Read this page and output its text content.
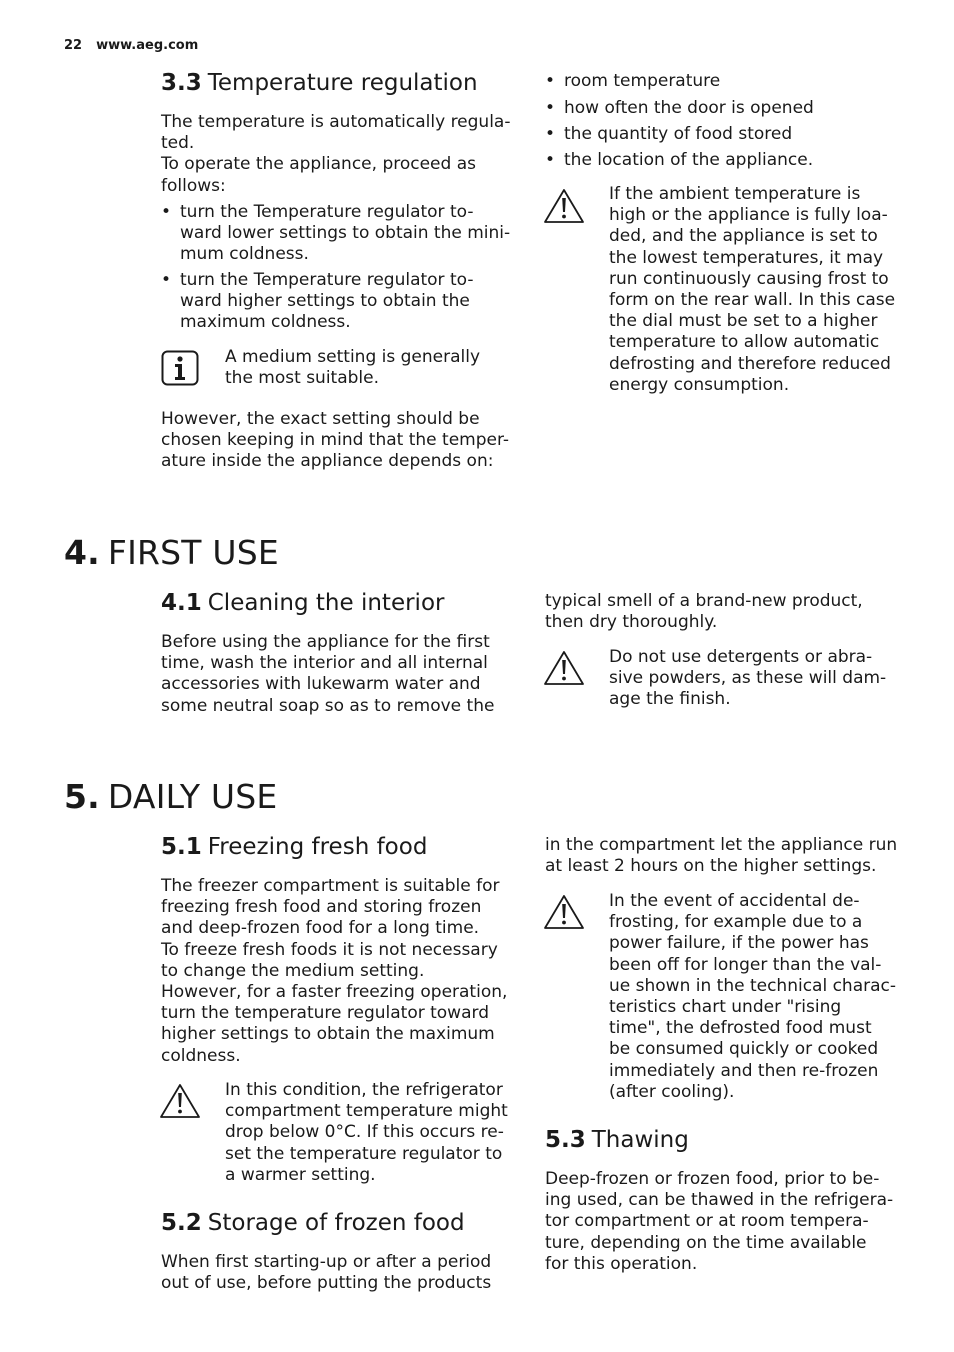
22 www.aeg.com
3.3 Temperature regulation
The temperature is automatically regula-
ted.
To operate the appliance, proceed as
follows:
• turn the Temperature regulator to-
ward lower settings to obtain the mini-
mum coldness.
• turn the Temperature regulator to-
ward higher settings to obtain the
maximum coldness.
A medium setting is generally
the most suitable.
However, the exact setting should be
chosen keeping in mind that the temper-
ature inside the appliance depends on:
• room temperature
• how often the door is opened
• the quantity of food stored
• the location of the appliance.
If the ambient temperature is
high or the appliance is fully loa-
ded, and the appliance is set to
the lowest temperatures, it may
run continuously causing frost to
form on the rear wall. In this case
the dial must be set to a higher
temperature to allow automatic
defrosting and therefore reduced
energy consumption.
4. FIRST USE
4.1 Cleaning the interior
Before using the appliance for the first
time, wash the interior and all internal
accessories with lukewarm water and
some neutral soap so as to remove the
typical smell of a brand-new product,
then dry thoroughly.
Do not use detergents or abra-
sive powders, as these will dam-
age the finish.
5. DAILY USE
5.1 Freezing fresh food
The freezer compartment is suitable for
freezing fresh food and storing frozen
and deep-frozen food for a long time.
To freeze fresh foods it is not necessary
to change the medium setting.
However, for a faster freezing operation,
turn the temperature regulator toward
higher settings to obtain the maximum
coldness.
In this condition, the refrigerator
compartment temperature might
drop below 0°C. If this occurs re-
set the temperature regulator to
a warmer setting.
5.2 Storage of frozen food
When first starting-up or after a period
out of use, before putting the products
in the compartment let the appliance run
at least 2 hours on the higher settings.
In the event of accidental de-
frosting, for example due to a
power failure, if the power has
been off for longer than the val-
ue shown in the technical charac-
teristics chart under "rising
time", the defrosted food must
be consumed quickly or cooked
immediately and then re-frozen
(after cooling).
5.3 Thawing
Deep-frozen or frozen food, prior to be-
ing used, can be thawed in the refrigera-
tor compartment or at room tempera-
ture, depending on the time available
for this operation.
